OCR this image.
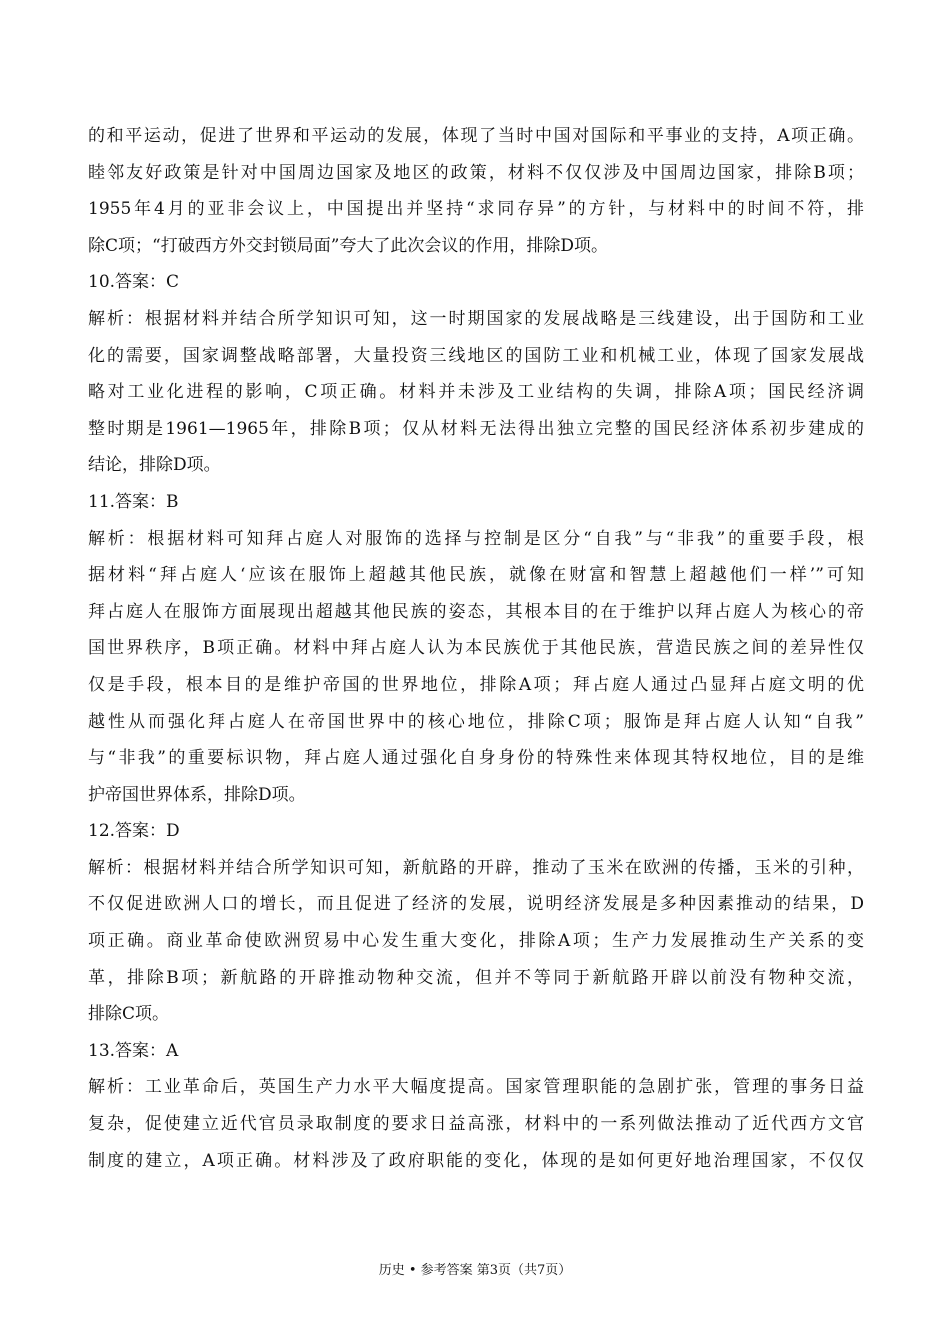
的和平运动，促进了世界和平运动的发展，体现了当时中国对国际和平事业的支持，A项正确。
睦邻友好政策是针对中国周边国家及地区的政策，材料不仅仅涉及中国周边国家，排除B项；
1955年4月的亚非会议上，中国提出并坚持“求同存异”的方针，与材料中的时间不符，排
除C项；“打破西方外交封锁局面”夸大了此次会议的作用，排除D项。
10.答案：C
解析：根据材料并结合所学知识可知，这一时期国家的发展战略是三线建设，出于国防和工业
化的需要，国家调整战略部署，大量投资三线地区的国防工业和机械工业，体现了国家发展战
略对工业化进程的影响，C项正确。材料并未涉及工业结构的失调，排除A项；国民经济调
整时期是1961—1965年，排除B项；仅从材料无法得出独立完整的国民经济体系初步建成的
结论，排除D项。
11.答案：B
解析：根据材料可知拜占庭人对服饰的选择与控制是区分“自我”与“非我”的重要手段，根
据材料“拜占庭人‘应该在服饰上超越其他民族，就像在财富和智慧上超越他们一样’”可知
拜占庭人在服饰方面展现出超越其他民族的姿态，其根本目的在于维护以拜占庭人为核心的帝
国世界秩序，B项正确。材料中拜占庭人认为本民族优于其他民族，营造民族之间的差异性仅
仅是手段，根本目的是维护帝国的世界地位，排除A项；拜占庭人通过凸显拜占庭文明的优
越性从而强化拜占庭人在帝国世界中的核心地位，排除C项；服饰是拜占庭人认知“自我”
与“非我”的重要标识物，拜占庭人通过强化自身身份的特殊性来体现其特权地位，目的是维
护帝国世界体系，排除D项。
12.答案：D
解析：根据材料并结合所学知识可知，新航路的开辟，推动了玉米在欧洲的传播，玉米的引种，
不仅促进欧洲人口的增长，而且促进了经济的发展，说明经济发展是多种因素推动的结果，D
项正确。商业革命使欧洲贸易中心发生重大变化，排除A项；生产力发展推动生产关系的变
革，排除B项；新航路的开辟推动物种交流，但并不等同于新航路开辟以前没有物种交流，
排除C项。
13.答案：A
解析：工业革命后，英国生产力水平大幅度提高。国家管理职能的急剧扩张，管理的事务日益
复杂，促使建立近代官员录取制度的要求日益高涨，材料中的一系列做法推动了近代西方文官
制度的建立，A项正确。材料涉及了政府职能的变化，体现的是如何更好地治理国家，不仅仅
历史 • 参考答案 第3页（共7页）
